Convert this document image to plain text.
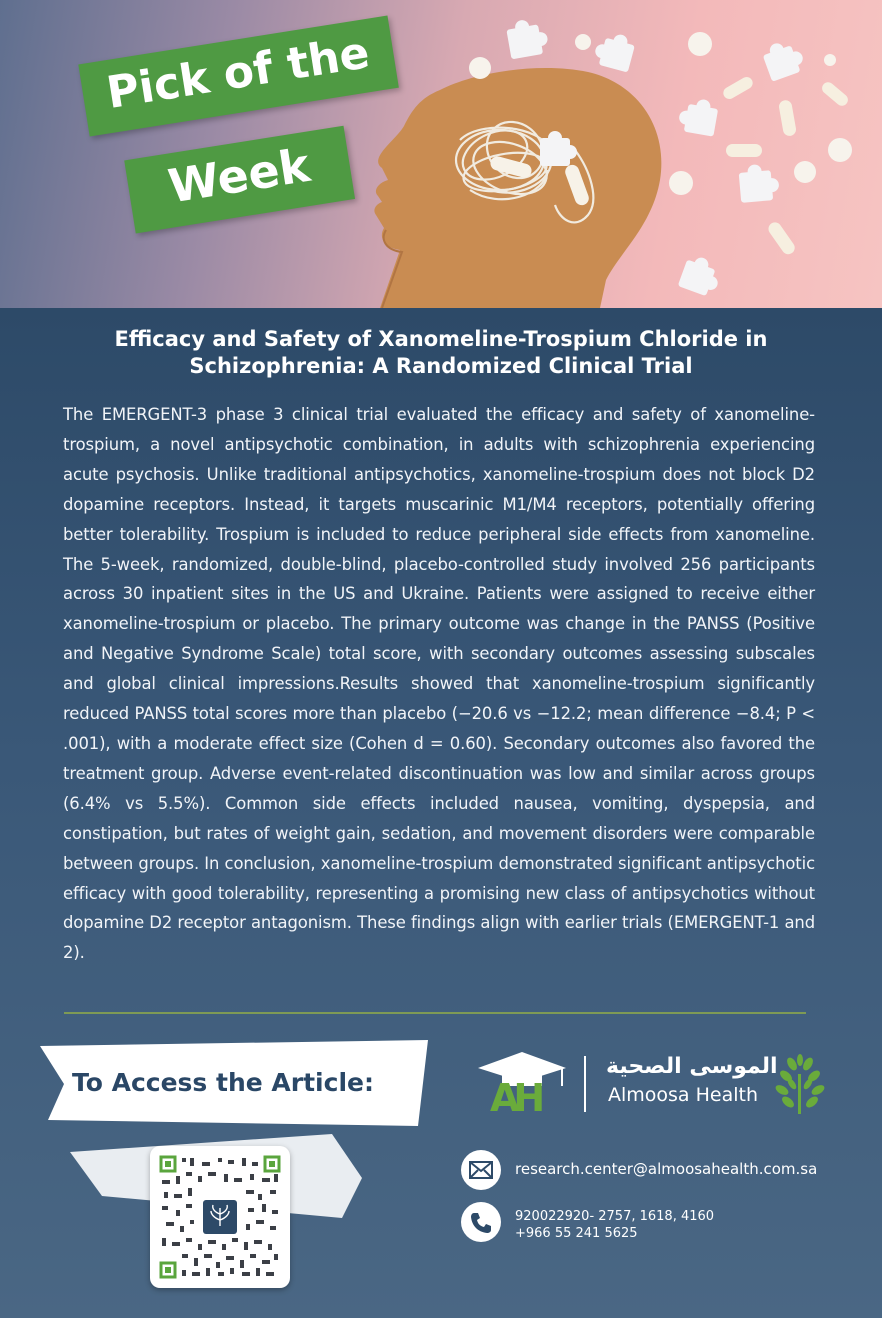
Pick of the
Week
Efficacy and Safety of Xanomeline-Trospium Chloride in Schizophrenia: A Randomized Clinical Trial
The EMERGENT-3 phase 3 clinical trial evaluated the efficacy and safety of xanomeline-trospium, a novel antipsychotic combination, in adults with schizophrenia experiencing acute psychosis. Unlike traditional antipsychotics, xanomeline-trospium does not block D2 dopamine receptors. Instead, it targets muscarinic M1/M4 receptors, potentially offering better tolerability. Trospium is included to reduce peripheral side effects from xanomeline. The 5-week, randomized, double-blind, placebo-controlled study involved 256 participants across 30 inpatient sites in the US and Ukraine. Patients were assigned to receive either xanomeline-trospium or placebo. The primary outcome was change in the PANSS (Positive and Negative Syndrome Scale) total score, with secondary outcomes assessing subscales and global clinical impressions.Results showed that xanomeline-trospium significantly reduced PANSS total scores more than placebo (−20.6 vs −12.2; mean difference −8.4; P < .001), with a moderate effect size (Cohen d = 0.60). Secondary outcomes also favored the treatment group. Adverse event-related discontinuation was low and similar across groups (6.4% vs 5.5%). Common side effects included nausea, vomiting, dyspepsia, and constipation, but rates of weight gain, sedation, and movement disorders were comparable between groups. In conclusion, xanomeline-trospium demonstrated significant antipsychotic efficacy with good tolerability, representing a promising new class of antipsychotics without dopamine D2 receptor antagonism. These findings align with earlier trials (EMERGENT-1 and 2).
To Access the Article:	AH
الموسى الصحية
Almoosa Health
research.center@almoosahealth.com.sa
920022920- 2757, 1618, 4160
+966 55 241 5625
